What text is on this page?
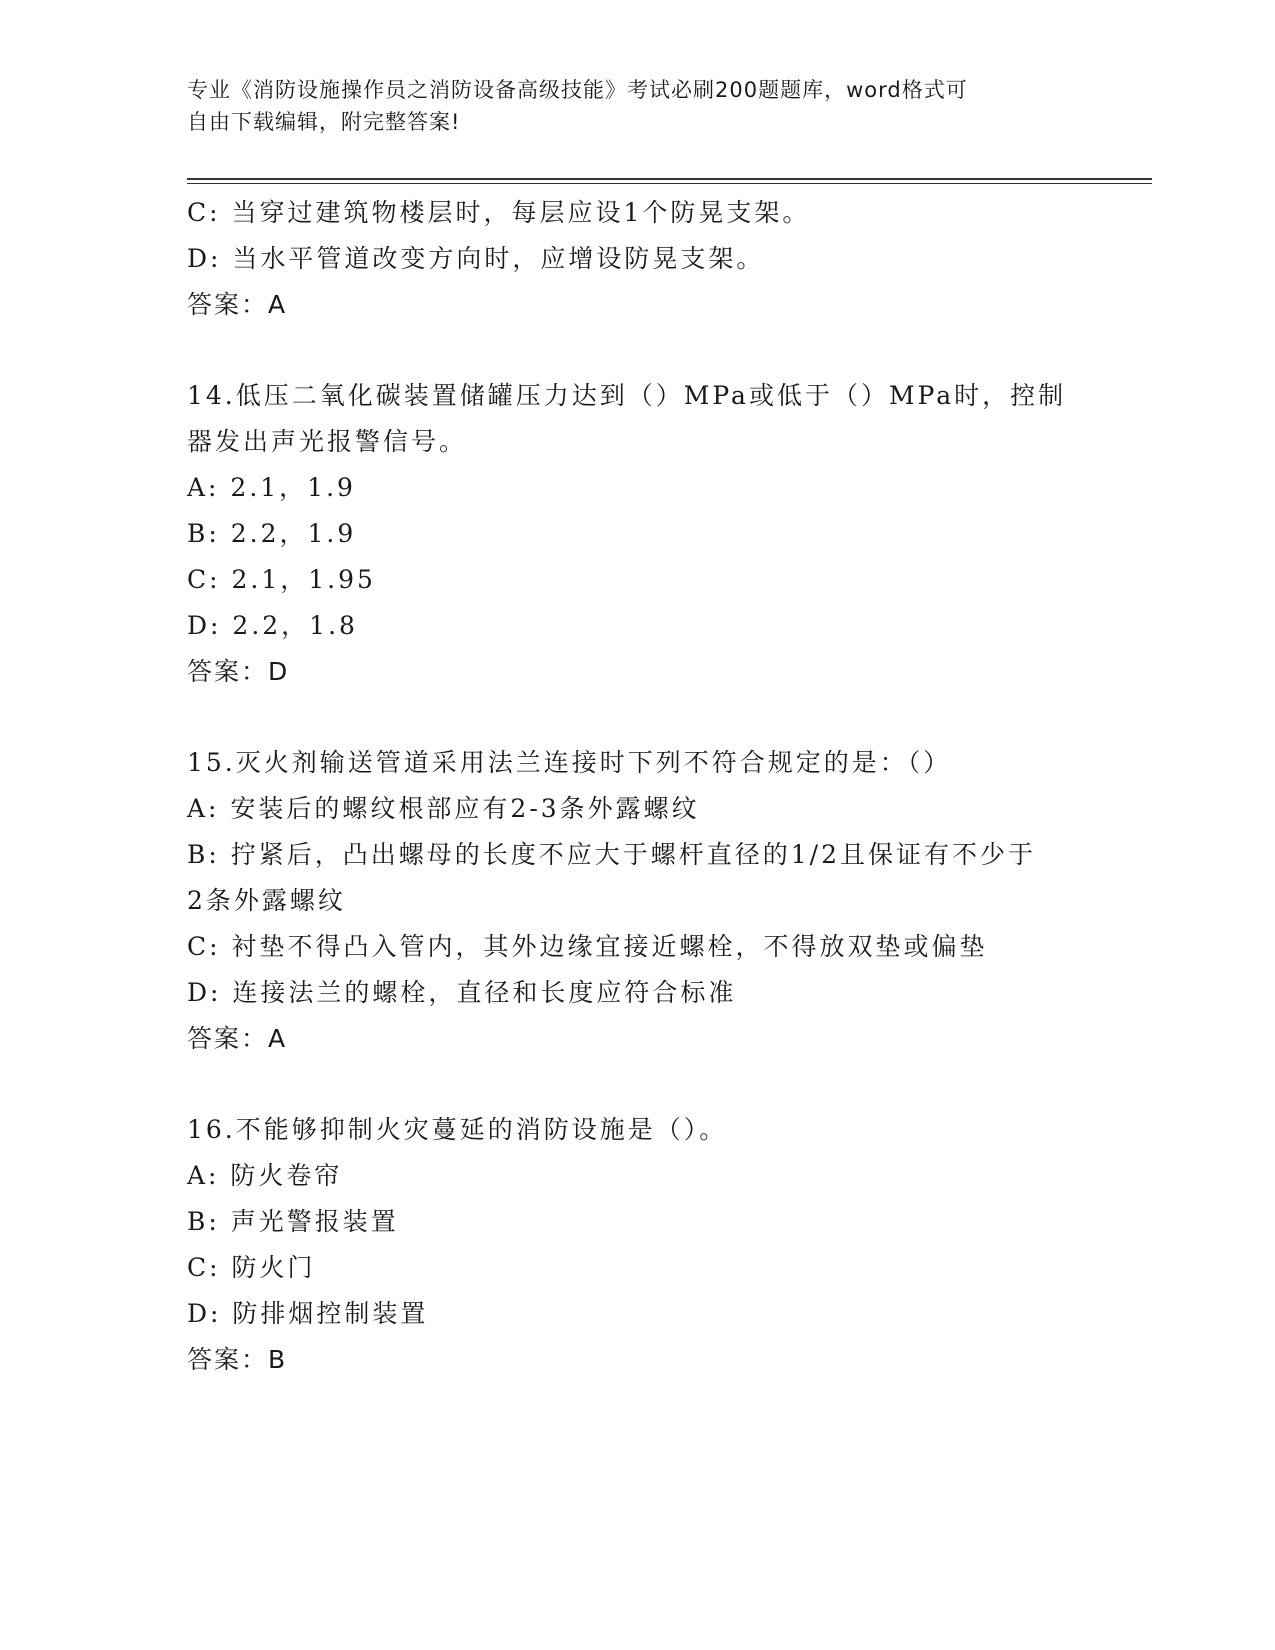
专业《消防设施操作员之消防设备高级技能》考试必刷200题题库，word格式可
自由下载编辑，附完整答案!
C: 当穿过建筑物楼层时，每层应设1个防晃支架。
D: 当水平管道改变方向时，应增设防晃支架。
答案：A
14.低压二氧化碳装置储罐压力达到（）MPa或低于（）MPa时，控制
器发出声光报警信号。
A: 2.1，1.9
B: 2.2，1.9
C: 2.1，1.95
D: 2.2，1.8
答案：D
15.灭火剂输送管道采用法兰连接时下列不符合规定的是：（）
A: 安装后的螺纹根部应有2-3条外露螺纹
B: 拧紧后，凸出螺母的长度不应大于螺杆直径的1/2且保证有不少于
2条外露螺纹
C: 衬垫不得凸入管内，其外边缘宜接近螺栓，不得放双垫或偏垫
D: 连接法兰的螺栓，直径和长度应符合标准
答案：A
16.不能够抑制火灾蔓延的消防设施是（）。
A: 防火卷帘
B: 声光警报装置
C: 防火门
D: 防排烟控制装置
答案：B
